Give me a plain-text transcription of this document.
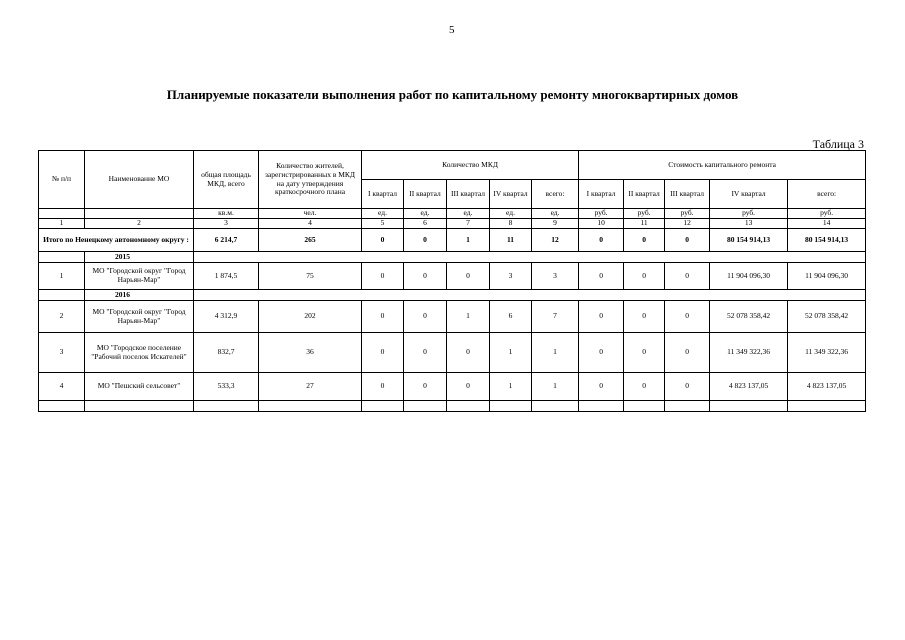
5
Планируемые показатели выполнения работ по капитальному ремонту многоквартирных домов
Таблица 3
№ п/п	Наименование МО	общая площадь МКД, всего	Количество жителей, зарегистрированных в МКД на дату утверждения краткосрочного плана	Количество МКД					Стоимость капитального ремонта				
				I квартал	II квартал	III квартал	IV квартал	всего:	I квартал	II квартал	III квартал	IV квартал	всего:
		кв.м.	чел.	ед.	ед.	ед.	ед.	ед.	руб.	руб.	руб.	руб.	руб.
1	2	3	4	5	6	7	8	9	10	11	12	13	14
Итого по Ненецкому автономному округу :		6 214,7	265	0	0	1	11	12	0	0	0	80 154 914,13	80 154 914,13
	2015												
1	МО "Городской округ "Город Нарьян-Мар"	1 874,5	75	0	0	0	3	3	0	0	0	11 904 096,30	11 904 096,30
	2016												
2	МО "Городской округ "Город Нарьян-Мар"	4 312,9	202	0	0	1	6	7	0	0	0	52 078 358,42	52 078 358,42
3	МО "Городское поселение "Рабочий поселок Искателей"	832,7	36	0	0	0	1	1	0	0	0	11 349 322,36	11 349 322,36
4	МО "Пешский сельсовет"	533,3	27	0	0	0	1	1	0	0	0	4 823 137,05	4 823 137,05
